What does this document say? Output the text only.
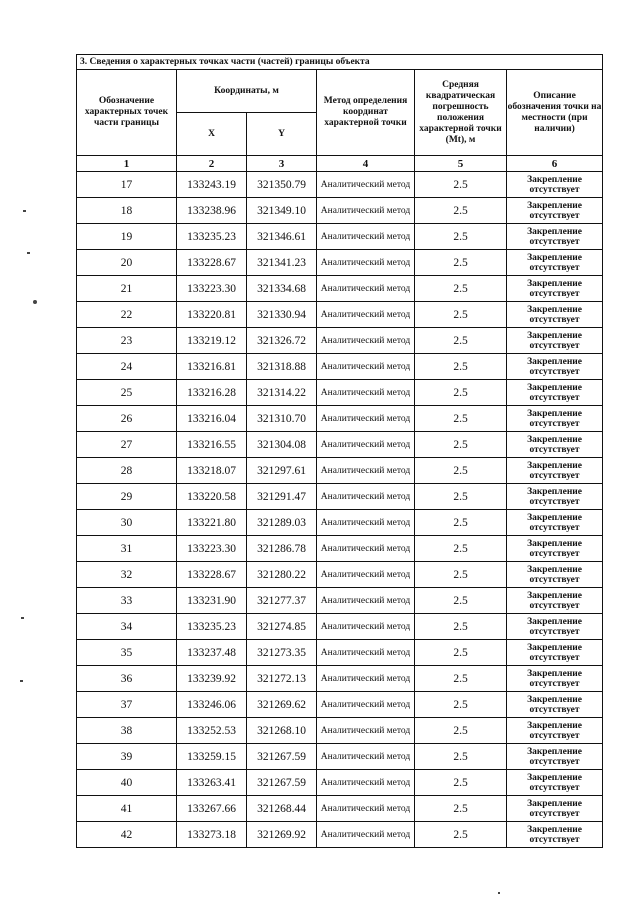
3. Сведения о характерных точках части (частей) границы объекта					
Обозначение характерных точек части границы	Координаты, м		Метод определения координат характерной точки	Средняя квадратическая погрешность положения характерной точки (Mt), м	Описание обозначения точки на местности (при наличии)
	X	Y			
1	2	3	4	5	6
17	133243.19	321350.79	Аналитический метод	2.5	Закрепление отсутствует
18	133238.96	321349.10	Аналитический метод	2.5	Закрепление отсутствует
19	133235.23	321346.61	Аналитический метод	2.5	Закрепление отсутствует
20	133228.67	321341.23	Аналитический метод	2.5	Закрепление отсутствует
21	133223.30	321334.68	Аналитический метод	2.5	Закрепление отсутствует
22	133220.81	321330.94	Аналитический метод	2.5	Закрепление отсутствует
23	133219.12	321326.72	Аналитический метод	2.5	Закрепление отсутствует
24	133216.81	321318.88	Аналитический метод	2.5	Закрепление отсутствует
25	133216.28	321314.22	Аналитический метод	2.5	Закрепление отсутствует
26	133216.04	321310.70	Аналитический метод	2.5	Закрепление отсутствует
27	133216.55	321304.08	Аналитический метод	2.5	Закрепление отсутствует
28	133218.07	321297.61	Аналитический метод	2.5	Закрепление отсутствует
29	133220.58	321291.47	Аналитический метод	2.5	Закрепление отсутствует
30	133221.80	321289.03	Аналитический метод	2.5	Закрепление отсутствует
31	133223.30	321286.78	Аналитический метод	2.5	Закрепление отсутствует
32	133228.67	321280.22	Аналитический метод	2.5	Закрепление отсутствует
33	133231.90	321277.37	Аналитический метод	2.5	Закрепление отсутствует
34	133235.23	321274.85	Аналитический метод	2.5	Закрепление отсутствует
35	133237.48	321273.35	Аналитический метод	2.5	Закрепление отсутствует
36	133239.92	321272.13	Аналитический метод	2.5	Закрепление отсутствует
37	133246.06	321269.62	Аналитический метод	2.5	Закрепление отсутствует
38	133252.53	321268.10	Аналитический метод	2.5	Закрепление отсутствует
39	133259.15	321267.59	Аналитический метод	2.5	Закрепление отсутствует
40	133263.41	321267.59	Аналитический метод	2.5	Закрепление отсутствует
41	133267.66	321268.44	Аналитический метод	2.5	Закрепление отсутствует
42	133273.18	321269.92	Аналитический метод	2.5	Закрепление отсутствует
